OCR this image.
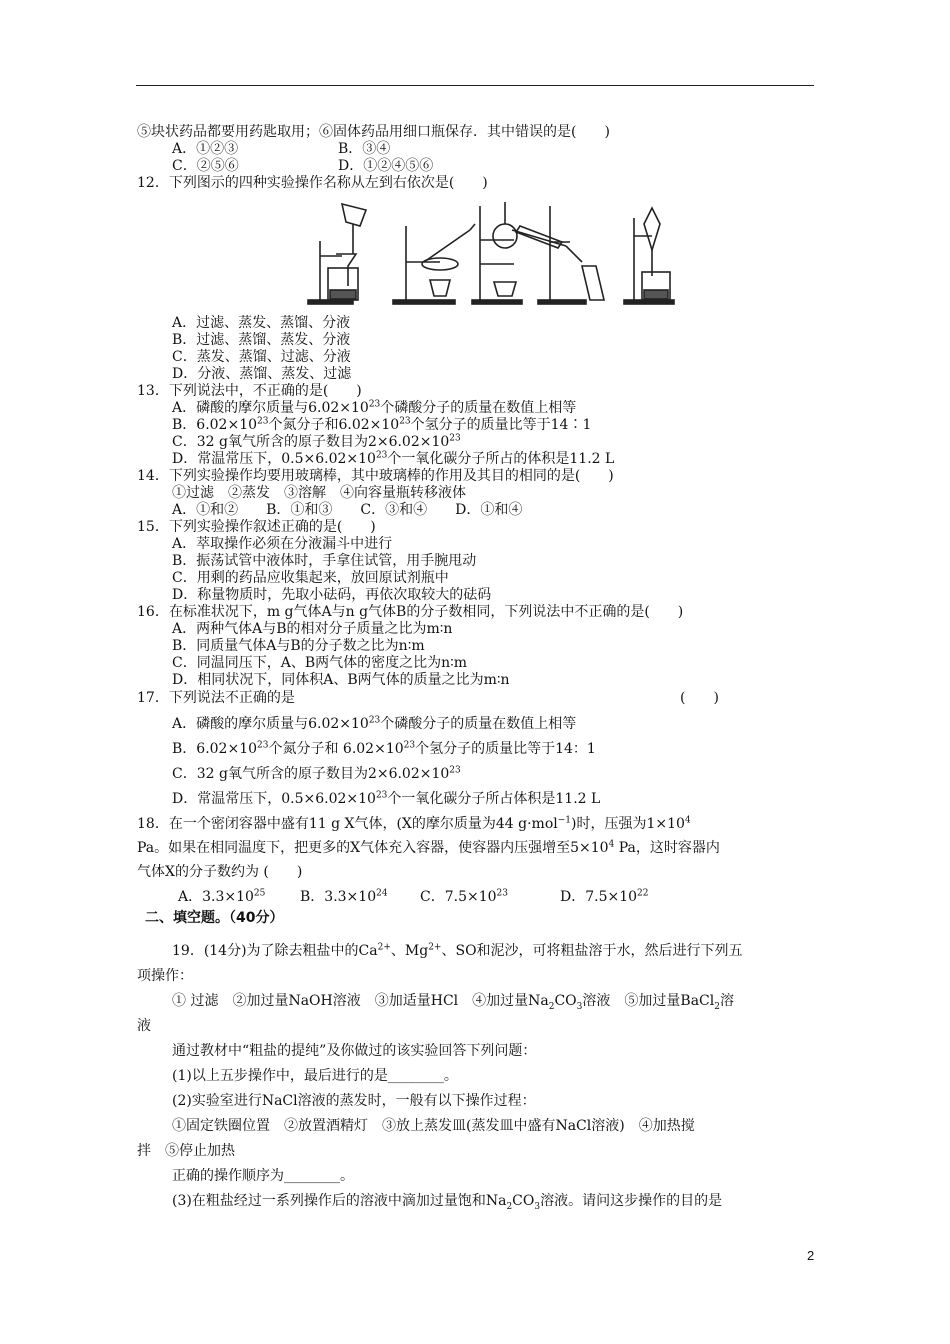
⑤块状药品都要用药匙取用；⑥固体药品用细口瓶保存．其中错误的是(　　)
A．①②③	B．③④
C．②⑤⑥	D．①②④⑤⑥
12．下列图示的四种实验操作名称从左到右依次是(　　)
A．过滤、蒸发、蒸馏、分液
B．过滤、蒸馏、蒸发、分液
C．蒸发、蒸馏、过滤、分液
D．分液、蒸馏、蒸发、过滤
13．下列说法中，不正确的是(　　)
A．磷酸的摩尔质量与$6.02\times 10^{23}$个磷酸分子的质量在数值上相等
B．$6.02\times 10^{23}$个氮分子和$6.02\times 10^{23}$个氢分子的质量比等于14∶1
C．32 g氧气所含的原子数目为$2\times 6.02\times 10^{23}$
D．常温常压下，$0.5\times 6.02\times 10^{23}$个一氧化碳分子所占的体积是11.2 L
14．下列实验操作均要用玻璃棒，其中玻璃棒的作用及其目的相同的是(　　)
①过滤　②蒸发　③溶解　④向容量瓶转移液体
A．①和②　　B．①和③　　C．③和④　　D．①和④
15．下列实验操作叙述正确的是(　　)
A．萃取操作必须在分液漏斗中进行
B．振荡试管中液体时，手拿住试管，用手腕甩动
C．用剩的药品应收集起来，放回原试剂瓶中
D．称量物质时，先取小砝码，再依次取较大的砝码
16．在标准状况下，m g气体A与n g气体B的分子数相同，下列说法中不正确的是(　　)
A．两种气体A与B的相对分子质量之比为m∶n
B．同质量气体A与B的分子数之比为n∶m
C．同温同压下，A、B两气体的密度之比为n∶m
D．相同状况下，同体积A、B两气体的质量之比为m∶n
17．下列说法不正确的是	(　　)
A．磷酸的摩尔质量与$6.02\times 10^{23}$个磷酸分子的质量在数值上相等
B．$6.02\times 10^{23}$个氮分子和 $6.02\times 10^{23}$个氢分子的质量比等于14：1
C．32 g氧气所含的原子数目为$2\times 6.02\times 10^{23}$
D．常温常压下，$0.5\times 6.02\times 10^{23}$个一氧化碳分子所占体积是11.2 L
18．在一个密闭容器中盛有11 g X气体，(X的摩尔质量为44 g·mol$^{-1}$)时，压强为$1\times 10^4$
Pa。如果在相同温度下，把更多的X气体充入容器，使容器内压强增至$5\times 10^4$ Pa，这时容器内
气体X的分子数约为 (　　)
A．$3.3\times 10^{25}$ B．$3.3\times 10^{24}$ C．$7.5\times 10^{23}$	D．$7.5\times 10^{22}$
二、填空题。（40分）
19．(14分)为了除去粗盐中的$Ca^{2+}$、$Mg^{2+}$、SO和泥沙，可将粗盐溶于水，然后进行下列五
项操作：
① 过滤　②加过量NaOH溶液　③加适量HCl　④加过量$Na_2CO_3$溶液　⑤加过量BaCl$_2$溶
液
通过教材中“粗盐的提纯”及你做过的该实验回答下列问题：
(1)以上五步操作中，最后进行的是________。
(2)实验室进行NaCl溶液的蒸发时，一般有以下操作过程：
①固定铁圈位置　②放置酒精灯　③放上蒸发皿(蒸发皿中盛有NaCl溶液)　④加热搅
拌　⑤停止加热
正确的操作顺序为________。
(3)在粗盐经过一系列操作后的溶液中滴加过量饱和$Na_2CO_3$溶液。请问这步操作的目的是
2
